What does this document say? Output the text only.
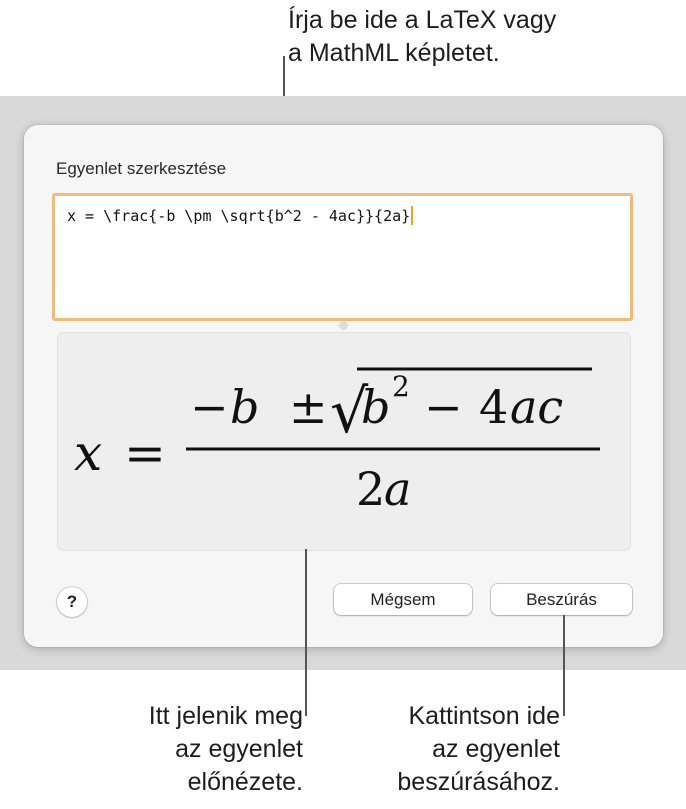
Írja be ide a LaTeX vagy
a MathML képletet.
Egyenlet szerkesztése
x = \frac{-b \pm \sqrt{b^2 - 4ac}}{2a}
x =
− b ± √
b 2 − 4 ac
2
a
?	Mégsem	Beszúrás
Itt jelenik meg
az egyenlet
előnézete.
Kattintson ide
az egyenlet
beszúrásához.
